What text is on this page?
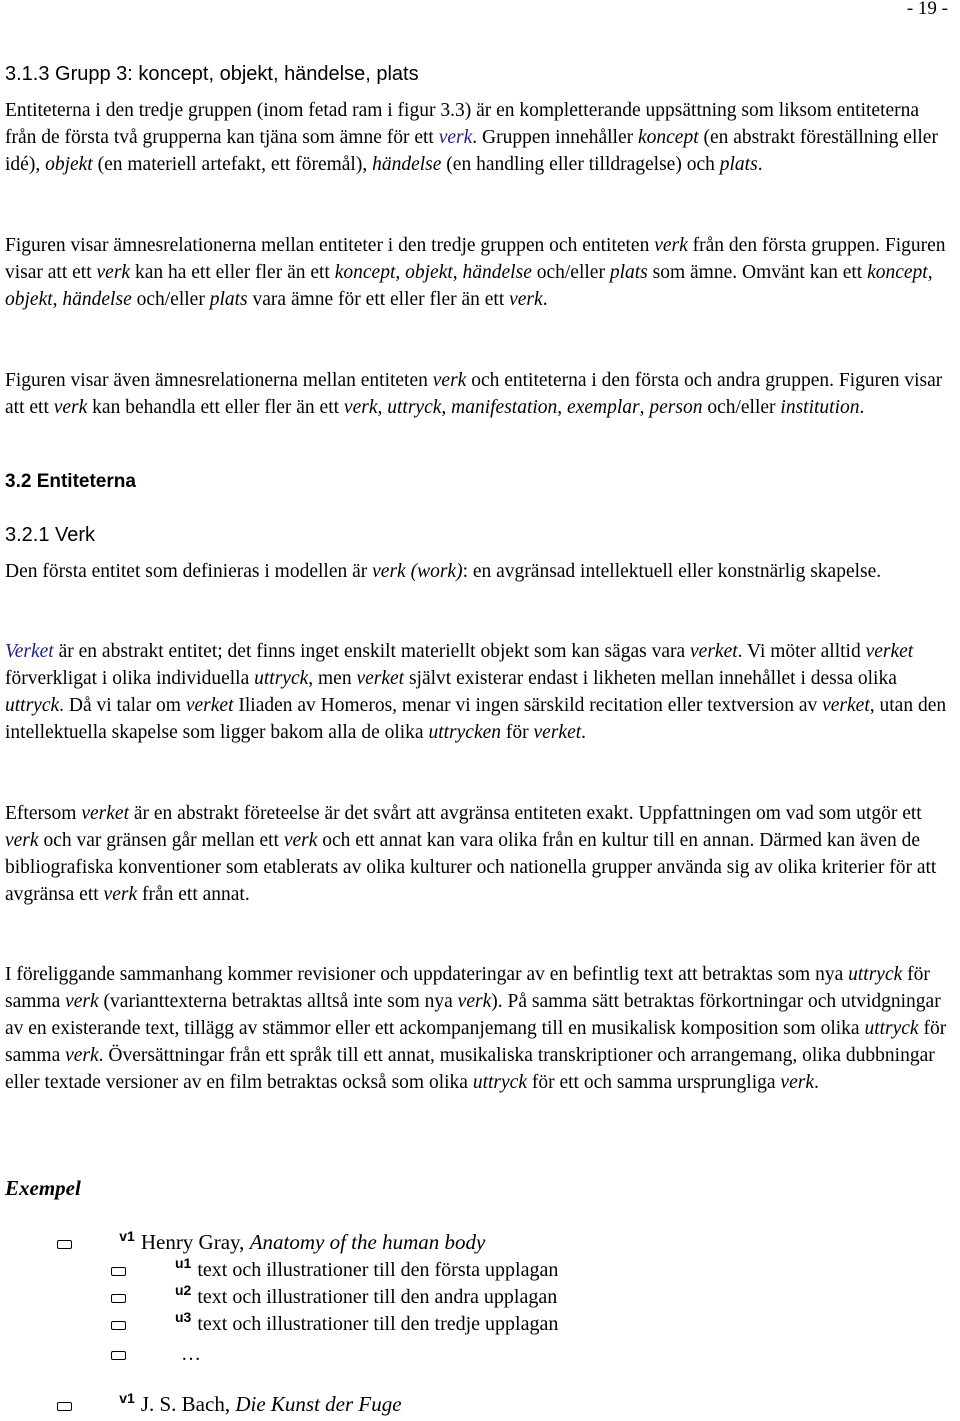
- 19 -
3.1.3 Grupp 3: koncept, objekt, händelse, plats

Entiteterna i den tredje gruppen (inom fetad ram i figur 3.3) är en kompletterande uppsättning som liksom entiteterna från de första två grupperna kan tjäna som ämne för ett verk. Gruppen innehåller koncept (en abstrakt föreställning eller idé), objekt (en materiell artefakt, ett föremål), händelse (en handling eller tilldragelse) och plats.

Figuren visar ämnesrelationerna mellan entiteter i den tredje gruppen och entiteten verk från den första gruppen. Figuren visar att ett verk kan ha ett eller fler än ett koncept, objekt, händelse och/eller plats som ämne. Omvänt kan ett koncept, objekt, händelse och/eller plats vara ämne för ett eller fler än ett verk.

Figuren visar även ämnesrelationerna mellan entiteten verk och entiteterna i den första och andra gruppen. Figuren visar att ett verk kan behandla ett eller fler än ett verk, uttryck, manifestation, exemplar, person och/eller institution.

3.2 Entiteterna
3.2.1 Verk

Den första entitet som definieras i modellen är verk (work): en avgränsad intellektuell eller konstnärlig skapelse.

Verket är en abstrakt entitet; det finns inget enskilt materiellt objekt som kan sägas vara verket. Vi möter alltid verket förverkligat i olika individuella uttryck, men verket självt existerar endast i likheten mellan innehållet i dessa olika uttryck. Då vi talar om verket Iliaden av Homeros, menar vi ingen särskild recitation eller textversion av verket, utan den intellektuella skapelse som ligger bakom alla de olika uttrycken för verket.

Eftersom verket är en abstrakt företeelse är det svårt att avgränsa entiteten exakt. Uppfattningen om vad som utgör ett verk och var gränsen går mellan ett verk och ett annat kan vara olika från en kultur till en annan. Därmed kan även de bibliografiska konventioner som etablerats av olika kulturer och nationella grupper använda sig av olika kriterier för att avgränsa ett verk från ett annat.

I föreliggande sammanhang kommer revisioner och uppdateringar av en befintlig text att betraktas som nya uttryck för samma verk (varianttexterna betraktas alltså inte som nya verk). På samma sätt betraktas förkortningar och utvidgningar av en existerande text, tillägg av stämmor eller ett ackompanjemang till en musikalisk komposition som olika uttryck för samma verk. Översättningar från ett språk till ett annat, musikaliska transkriptioner och arrangemang, olika dubbningar eller textade versioner av en film betraktas också som olika uttryck för ett och samma ursprungliga verk.

Exempel
$^{v1}$ Henry Gray, Anatomy of the human body
$^{u1}$ text och illustrationer till den första upplagan
$^{u2}$ text och illustrationer till den andra upplagan
$^{u3}$ text och illustrationer till den tredje upplagan
…
$^{v1}$ J. S. Bach, Die Kunst der Fuge
